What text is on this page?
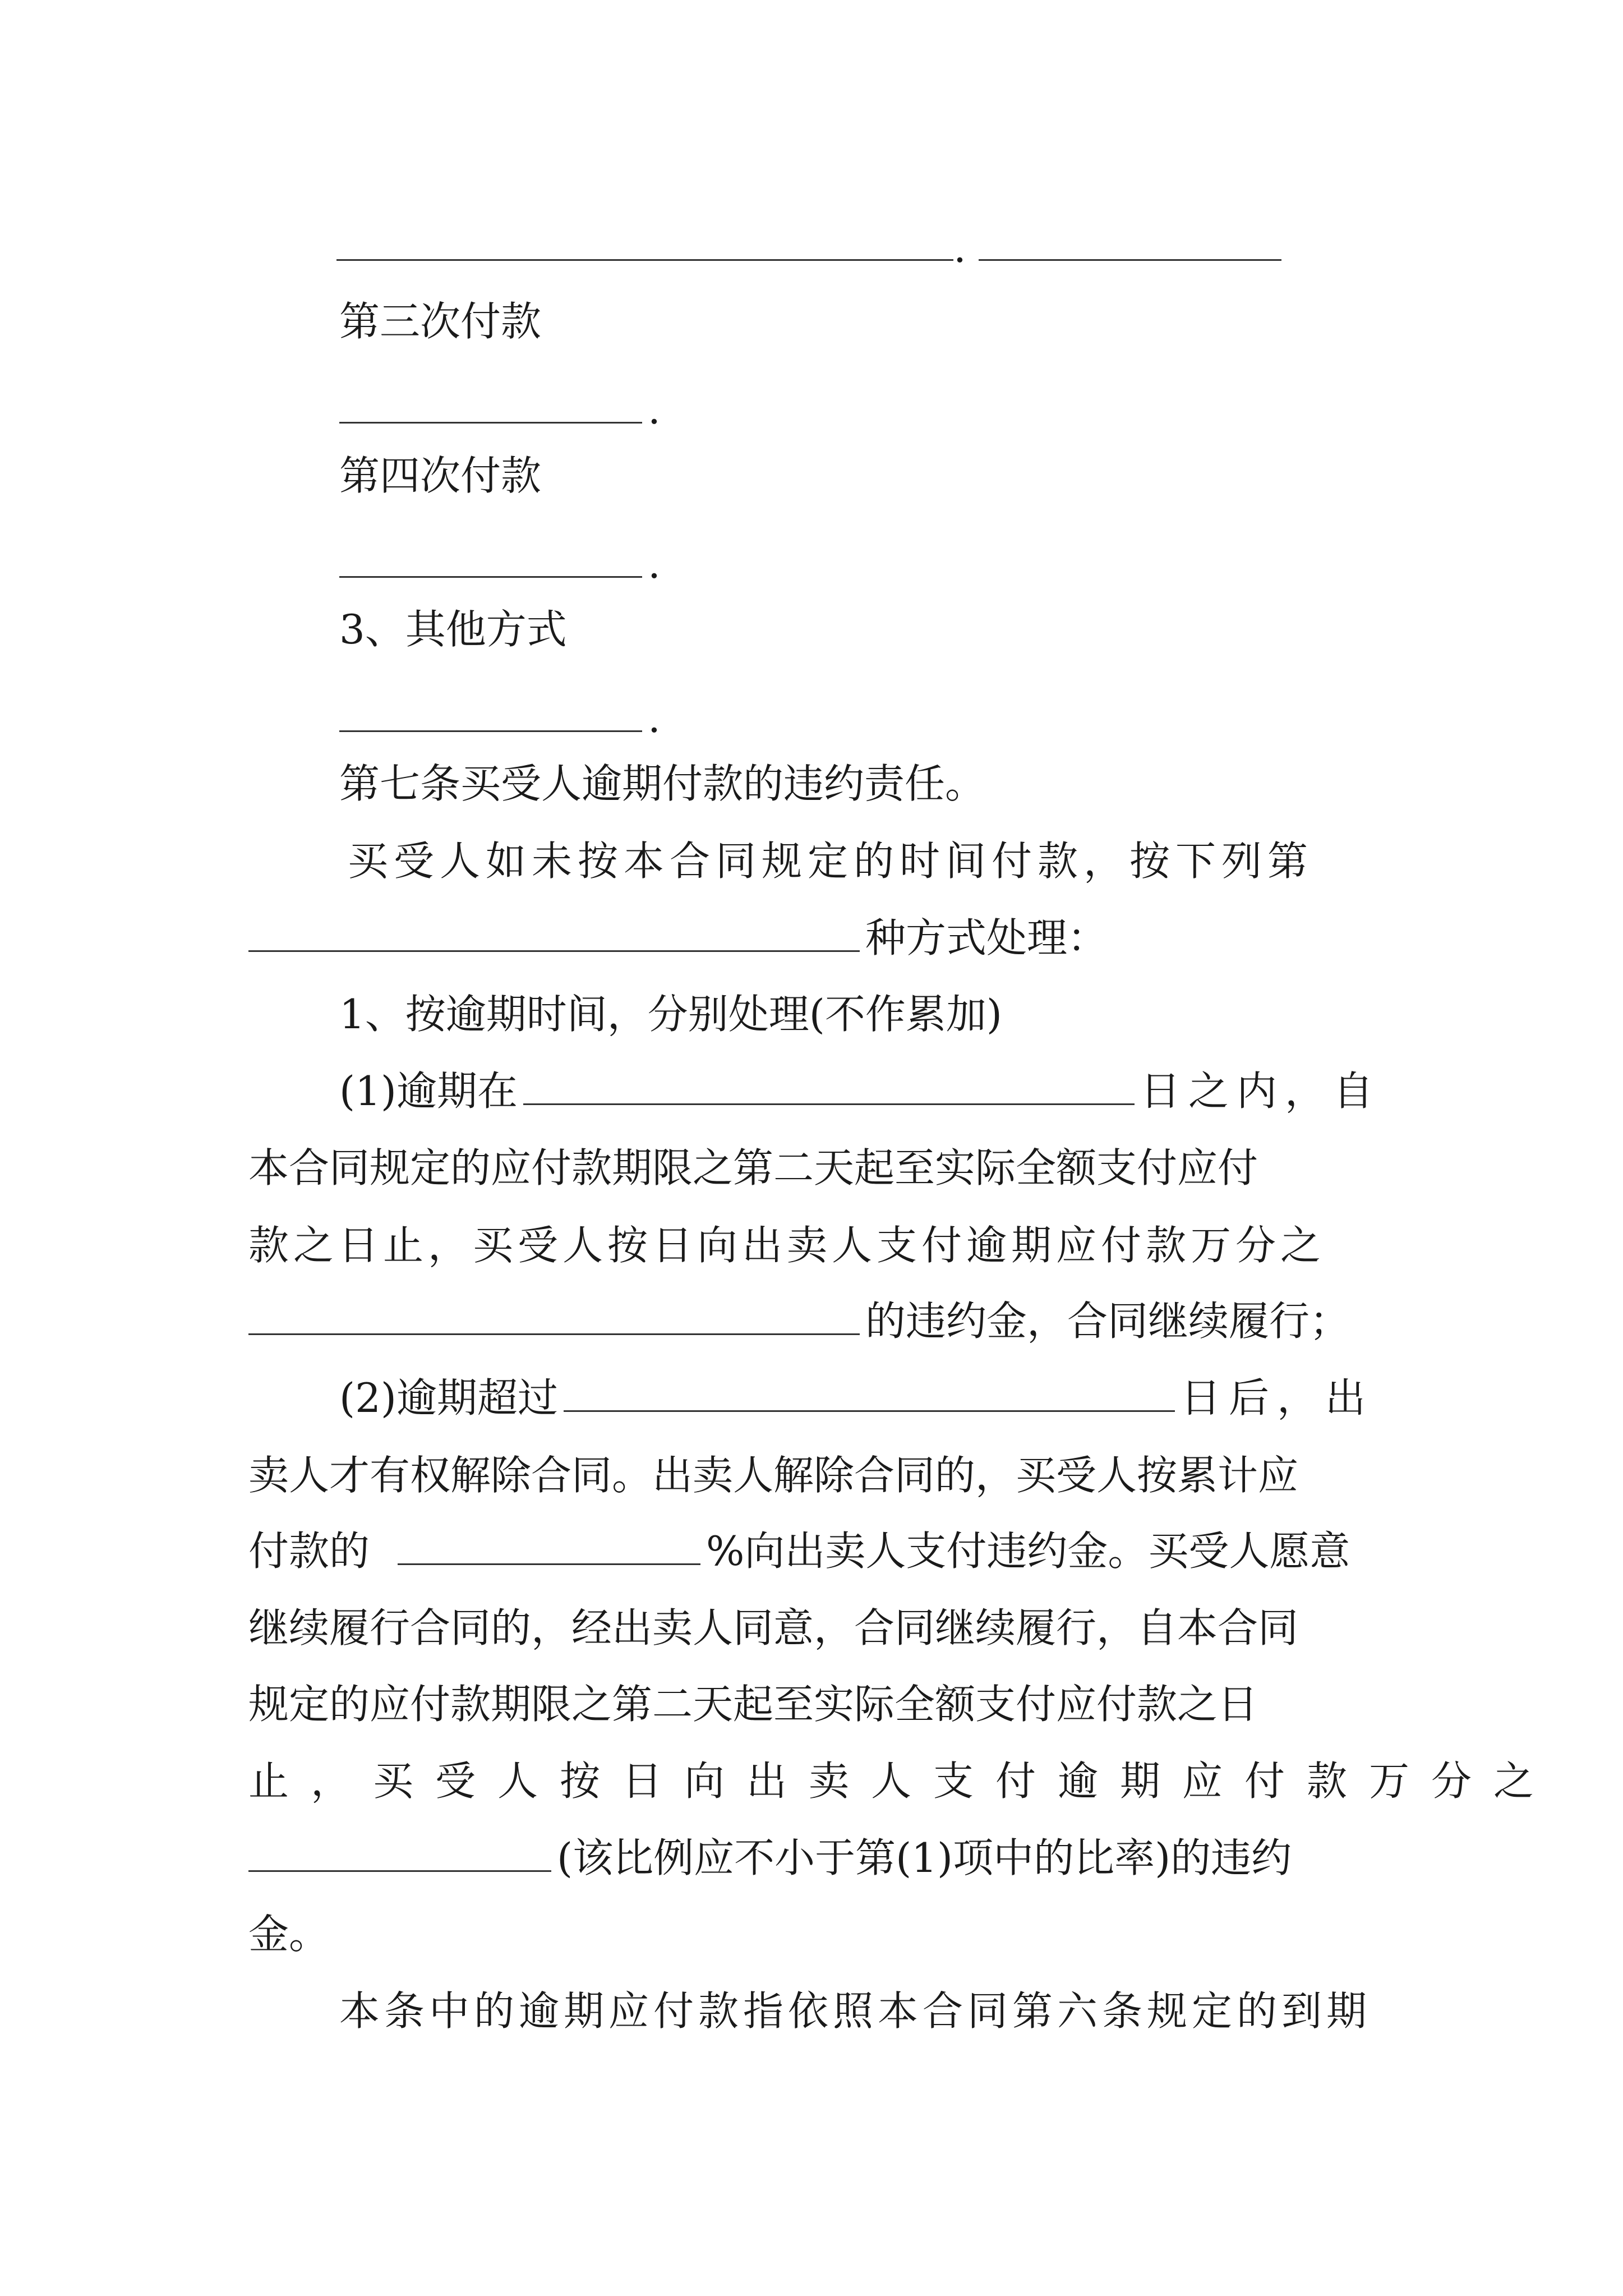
.
第三次付款
.
第四次付款
.
3、其他方式
.
第七条买受人逾期付款的违约责任。
买受人如未按本合同规定的时间付款，按下列第
种方式处理：
1、按逾期时间，分别处理(不作累加)
(1)逾期在	日之内，自
本合同规定的应付款期限之第二天起至实际全额支付应付
款之日止，买受人按日向出卖人支付逾期应付款万分之
的违约金，合同继续履行；
(2)逾期超过	日后，出
卖人才有权解除合同。出卖人解除合同的，买受人按累计应
付款的	%向出卖人支付违约金。买受人愿意
继续履行合同的，经出卖人同意，合同继续履行，自本合同
规定的应付款期限之第二天起至实际全额支付应付款之日
止，买受人按日向出卖人支付逾期应付款万分之
(该比例应不小于第(1)项中的比率)的违约
金。
本条中的逾期应付款指依照本合同第六条规定的到期
